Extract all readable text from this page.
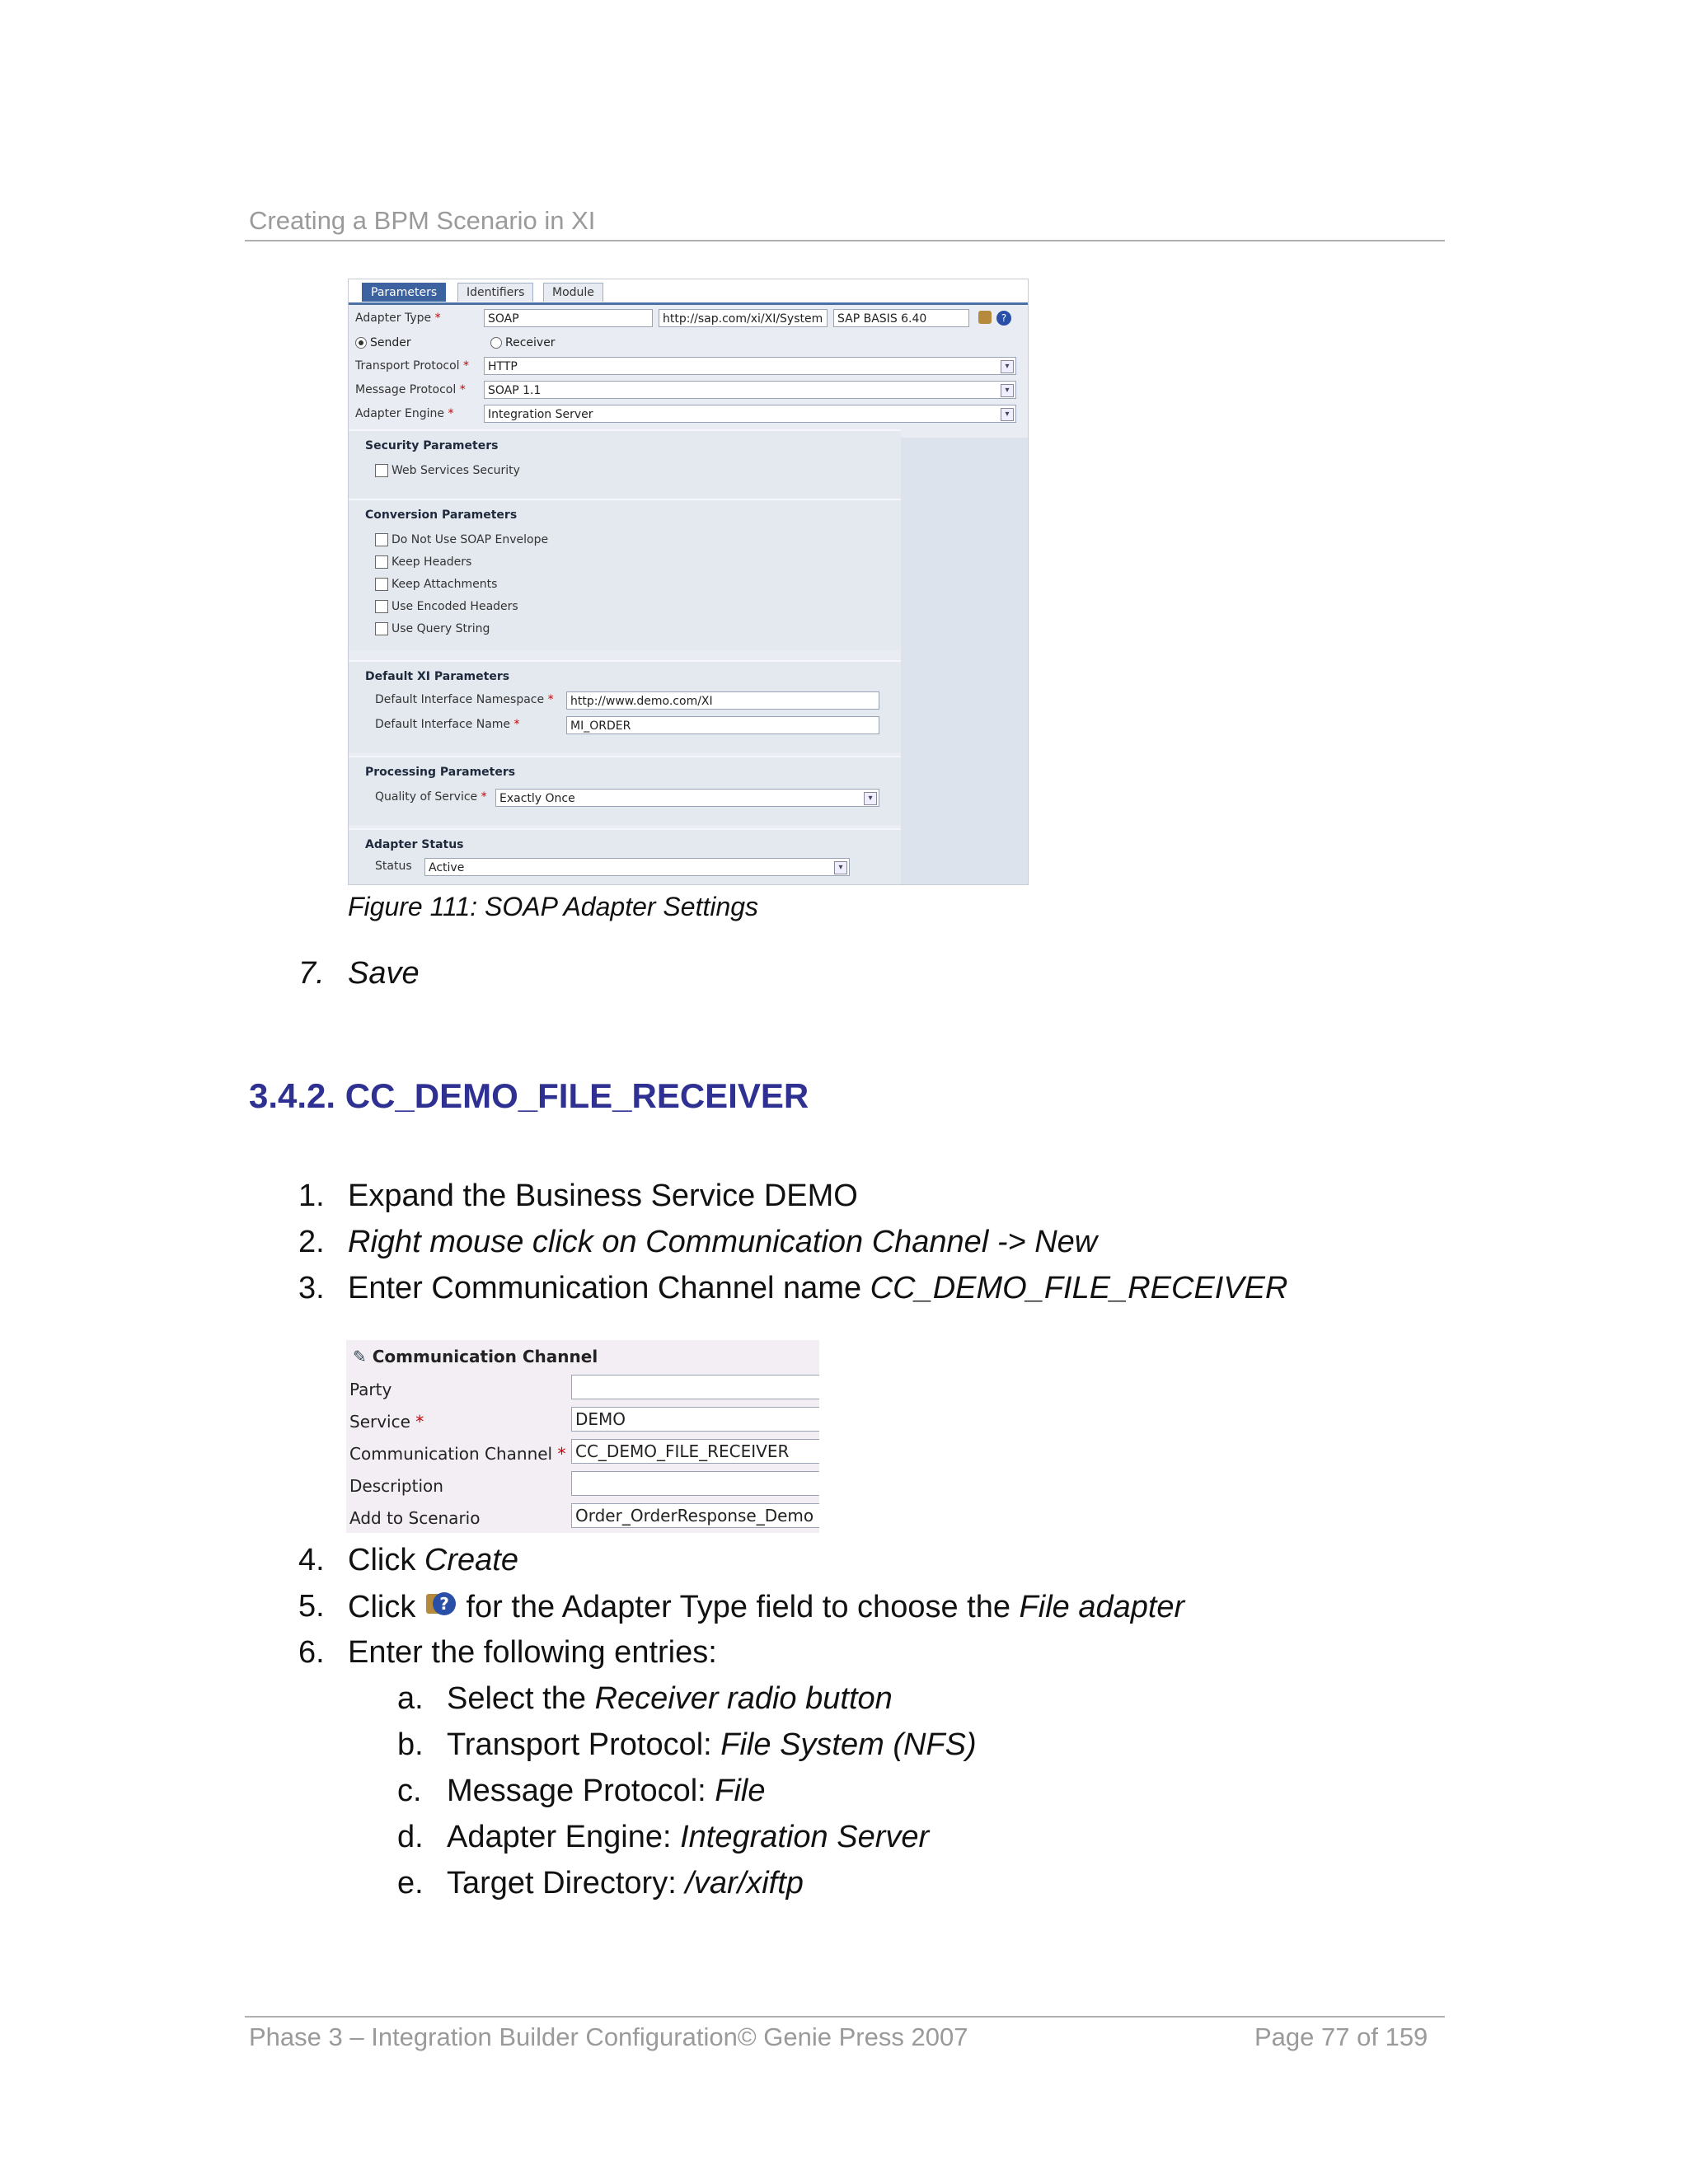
Creating a BPM Scenario in XI
Parameters	Identifiers	Module
Adapter Type *	SOAP	http://sap.com/xi/XI/System	SAP BASIS 6.40	?
Sender	Receiver
Transport Protocol *	HTTP	▾
Message Protocol *	SOAP 1.1	▾
Adapter Engine *	Integration Server	▾
Security Parameters
Web Services Security
Conversion Parameters
Do Not Use SOAP Envelope
Keep Headers
Keep Attachments
Use Encoded Headers
Use Query String
Default XI Parameters
Default Interface Namespace *	http://www.demo.com/XI
Default Interface Name *	MI_ORDER
Processing Parameters
Quality of Service *	Exactly Once	▾
Adapter Status
Status	Active	▾
Figure 111: SOAP Adapter Settings
7. Save
3.4.2. CC_DEMO_FILE_RECEIVER
1. Expand the Business Service DEMO
2. Right mouse click on Communication Channel -> New
3. Enter Communication Channel name CC_DEMO_FILE_RECEIVER
✎ Communication Channel
Party
Service *	DEMO
Communication Channel * CC_DEMO_FILE_RECEIVER
Description
Add to Scenario	Order_OrderResponse_Demo
4. Click Create
5. Click ? for the Adapter Type field to choose the File adapter
6. Enter the following entries:
a. Select the Receiver radio button
b. Transport Protocol: File System (NFS)
c. Message Protocol: File
d. Adapter Engine: Integration Server
e. Target Directory: /var/xiftp
Phase 3 – Integration Builder Configuration© Genie Press 2007	Page 77 of 159
